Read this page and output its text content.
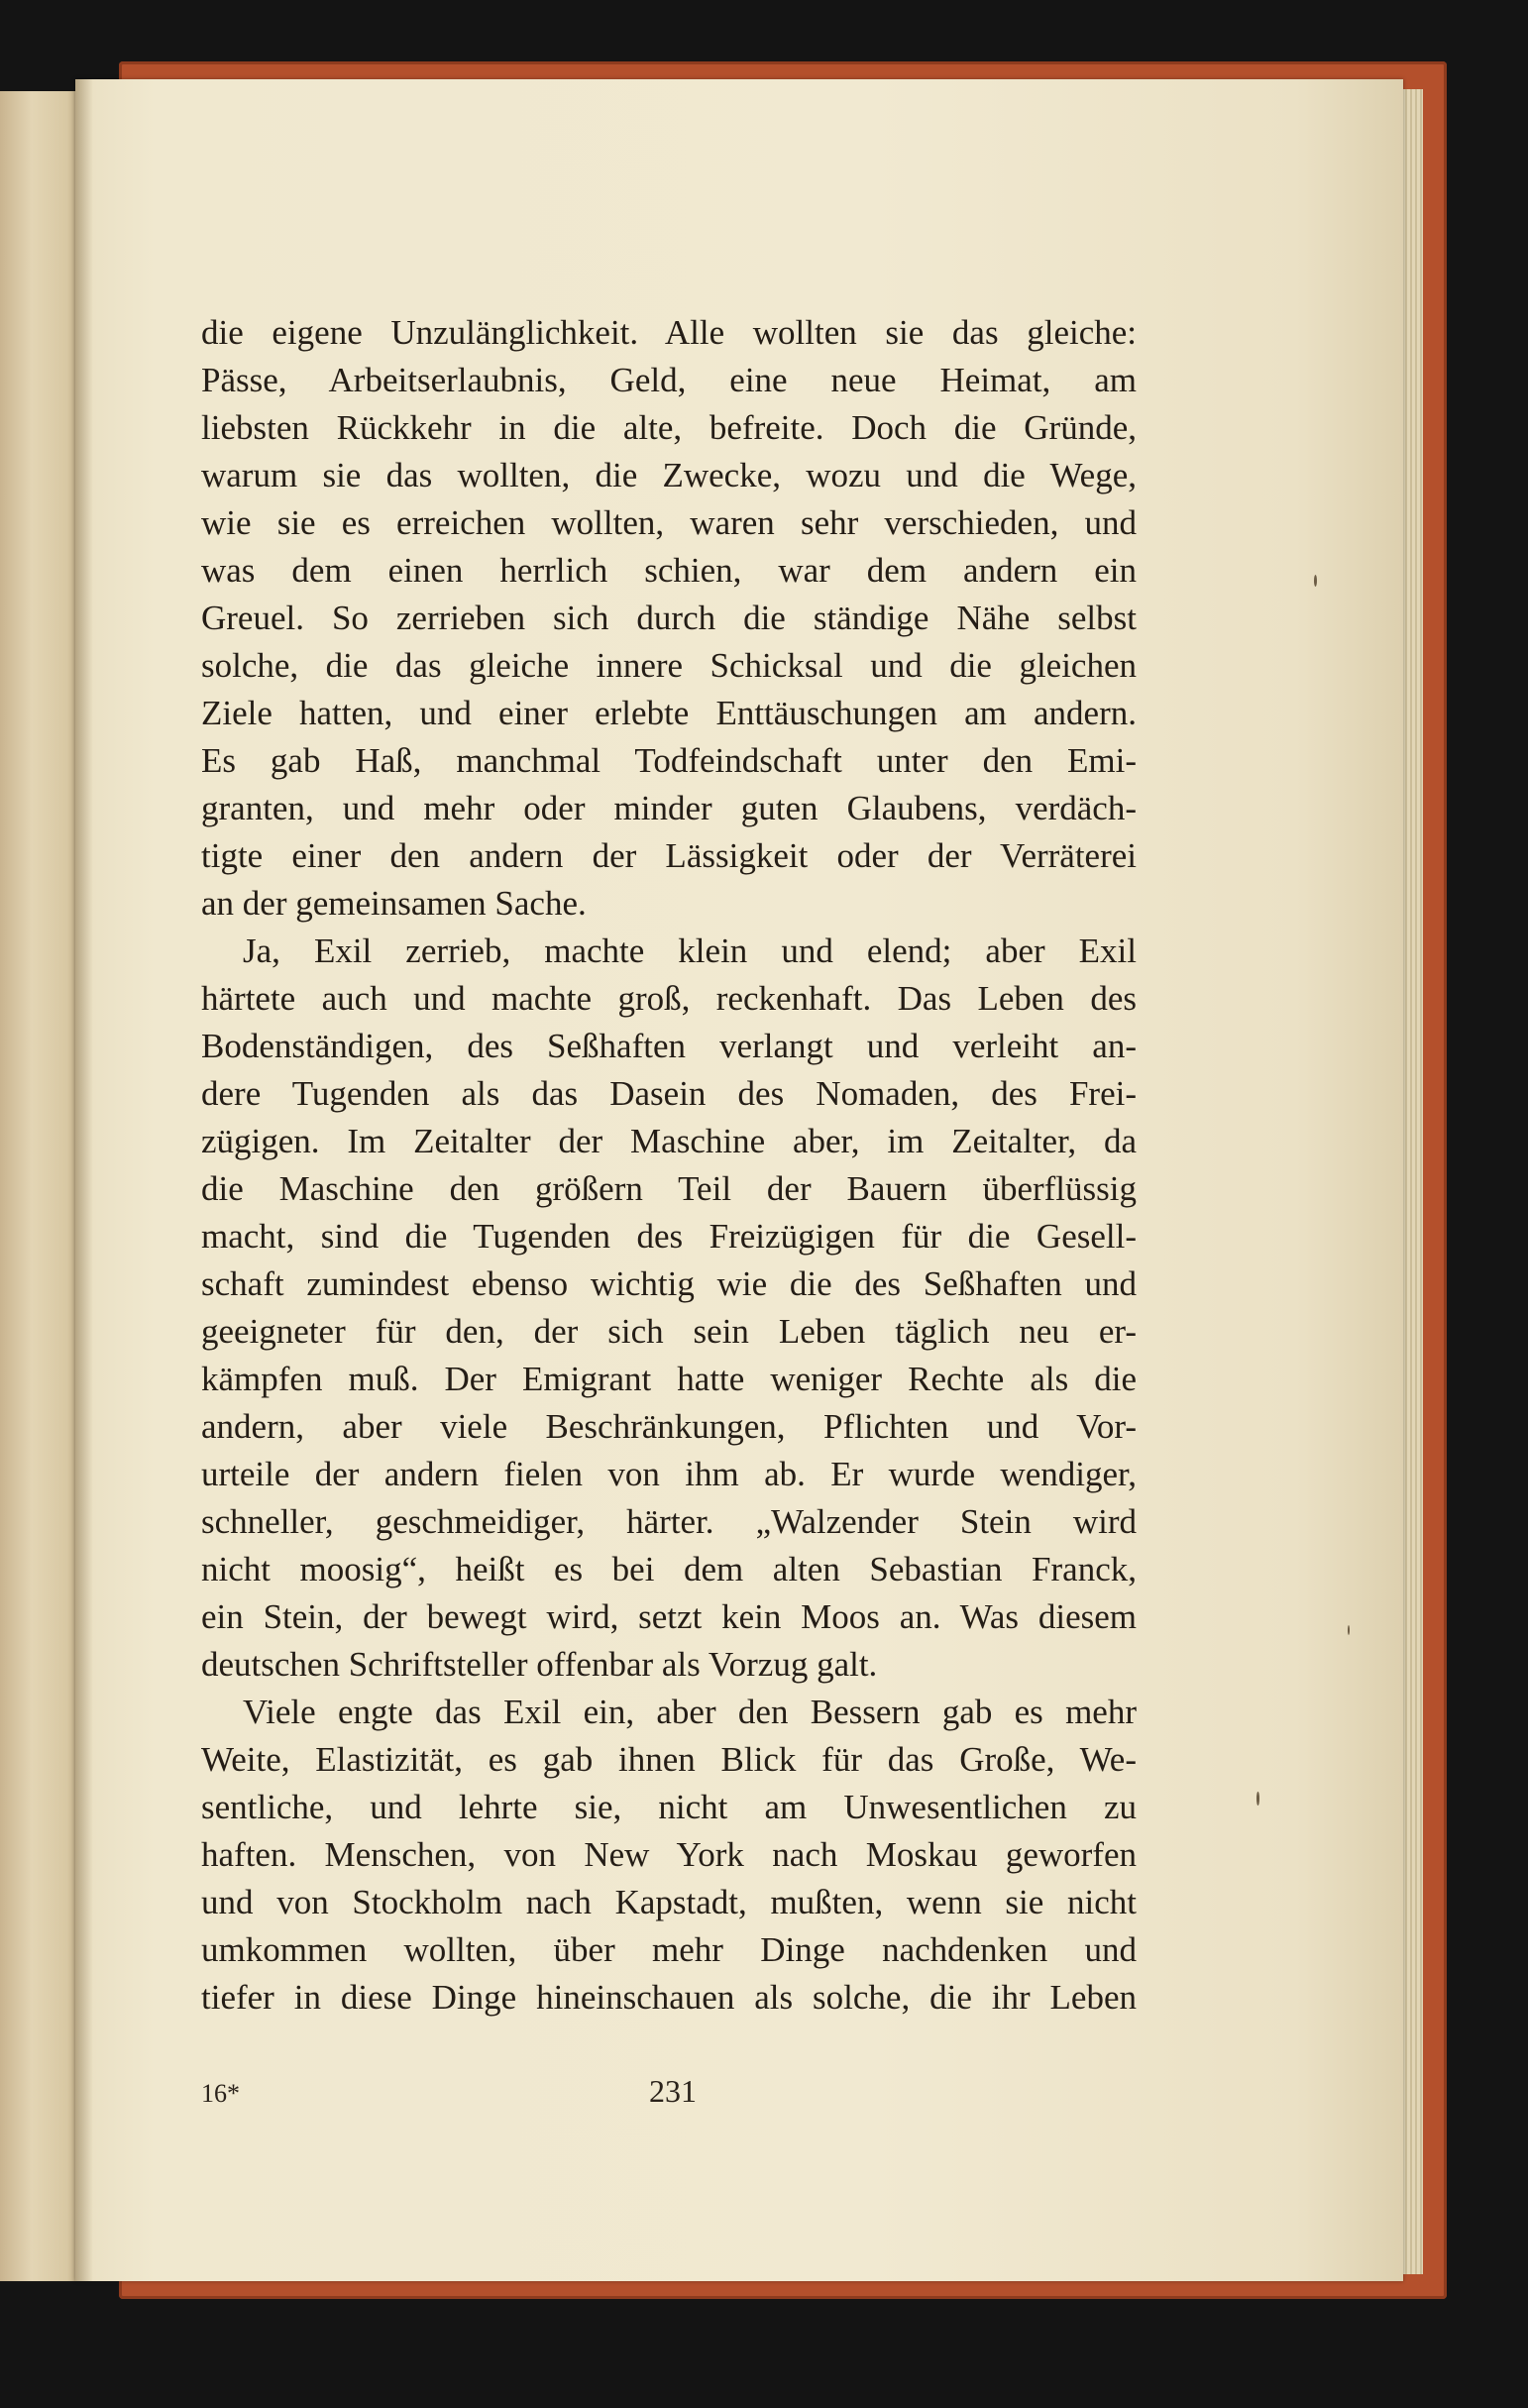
die eigene Unzulänglichkeit. Alle wollten sie das gleiche:
Pässe, Arbeitserlaubnis, Geld, eine neue Heimat, am
liebsten Rückkehr in die alte, befreite. Doch die Gründe,
warum sie das wollten, die Zwecke, wozu und die Wege,
wie sie es erreichen wollten, waren sehr verschieden, und
was dem einen herrlich schien, war dem andern ein
Greuel. So zerrieben sich durch die ständige Nähe selbst
solche, die das gleiche innere Schicksal und die gleichen
Ziele hatten, und einer erlebte Enttäuschungen am andern.
Es gab Haß, manchmal Todfeindschaft unter den Emi-
granten, und mehr oder minder guten Glaubens, verdäch-
tigte einer den andern der Lässigkeit oder der Verräterei
an der gemeinsamen Sache.
Ja, Exil zerrieb, machte klein und elend; aber Exil
härtete auch und machte groß, reckenhaft. Das Leben des
Bodenständigen, des Seßhaften verlangt und verleiht an-
dere Tugenden als das Dasein des Nomaden, des Frei-
zügigen. Im Zeitalter der Maschine aber, im Zeitalter, da
die Maschine den größern Teil der Bauern überflüssig
macht, sind die Tugenden des Freizügigen für die Gesell-
schaft zumindest ebenso wichtig wie die des Seßhaften und
geeigneter für den, der sich sein Leben täglich neu er-
kämpfen muß. Der Emigrant hatte weniger Rechte als die
andern, aber viele Beschränkungen, Pflichten und Vor-
urteile der andern fielen von ihm ab. Er wurde wendiger,
schneller, geschmeidiger, härter. „Walzender Stein wird
nicht moosig“, heißt es bei dem alten Sebastian Franck,
ein Stein, der bewegt wird, setzt kein Moos an. Was diesem
deutschen Schriftsteller offenbar als Vorzug galt.
Viele engte das Exil ein, aber den Bessern gab es mehr
Weite, Elastizität, es gab ihnen Blick für das Große, We-
sentliche, und lehrte sie, nicht am Unwesentlichen zu
haften. Menschen, von New York nach Moskau geworfen
und von Stockholm nach Kapstadt, mußten, wenn sie nicht
umkommen wollten, über mehr Dinge nachdenken und
tiefer in diese Dinge hineinschauen als solche, die ihr Leben
16*	231
